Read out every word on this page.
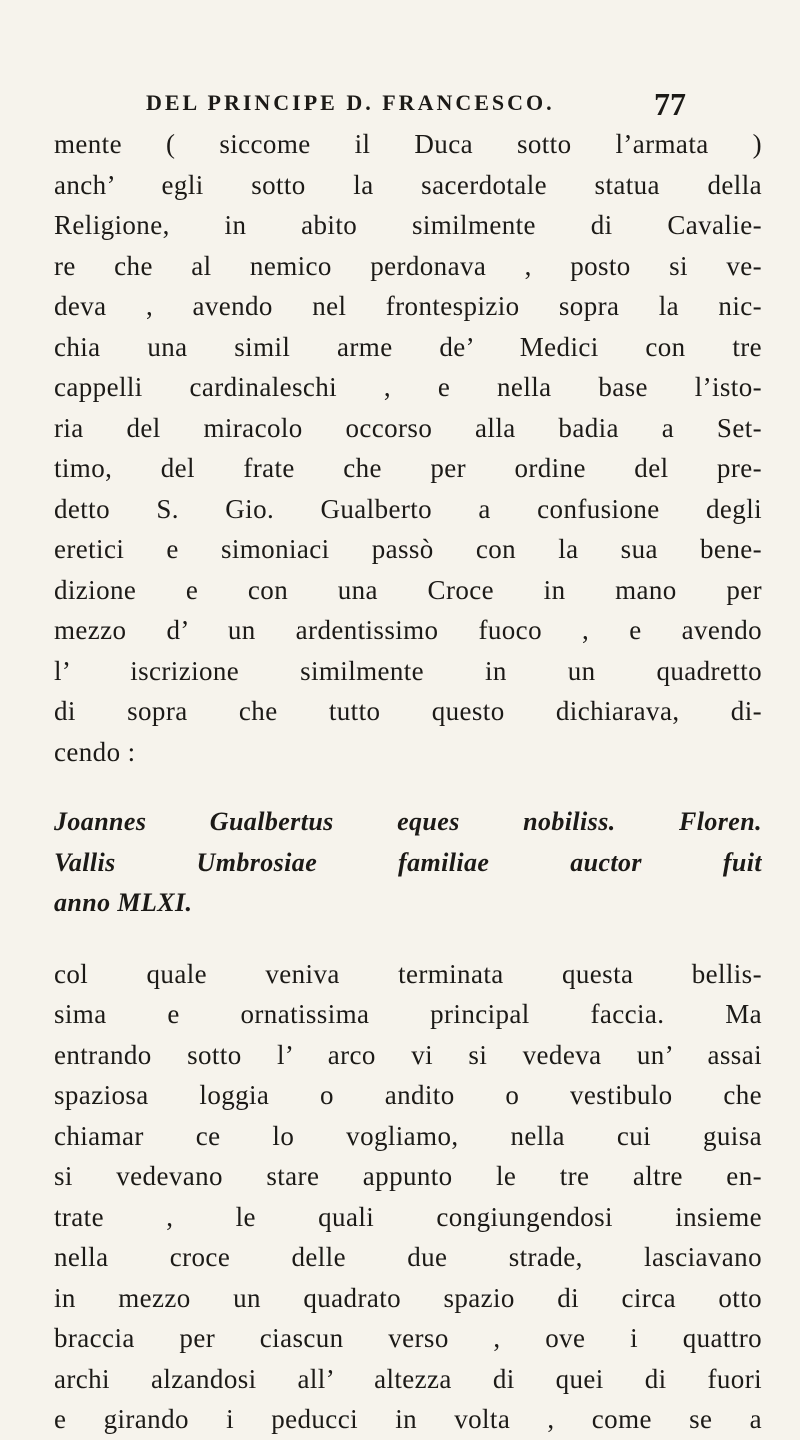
DEL PRINCIPE D. FRANCESCO.	77
mente ( siccome il Duca sotto l’armata )
anch’ egli sotto la sacerdotale statua della
Religione, in abito similmente di Cavalie-
re che al nemico perdonava , posto si ve-
deva , avendo nel frontespizio sopra la nic-
chia una simil arme de’ Medici con tre
cappelli cardinaleschi , e nella base l’isto-
ria del miracolo occorso alla badia a Set-
timo, del frate che per ordine del pre-
detto S. Gio. Gualberto a confusione degli
eretici e simoniaci passò con la sua bene-
dizione e con una Croce in mano per
mezzo d’ un ardentissimo fuoco , e avendo
l’ iscrizione similmente in un quadretto
di sopra che tutto questo dichiarava, di-
cendo :
Joannes Gualbertus eques nobiliss. Floren.
Vallis Umbrosiae familiae auctor fuit
anno MLXI.
col quale veniva terminata questa bellis-
sima e ornatissima principal faccia. Ma
entrando sotto l’ arco vi si vedeva un’ assai
spaziosa loggia o andito o vestibulo che
chiamar ce lo vogliamo, nella cui guisa
si vedevano stare appunto le tre altre en-
trate , le quali congiungendosi insieme
nella croce delle due strade, lasciavano
in mezzo un quadrato spazio di circa otto
braccia per ciascun verso , ove i quattro
archi alzandosi all’ altezza di quei di fuori
e girando i peducci in volta , come se a
